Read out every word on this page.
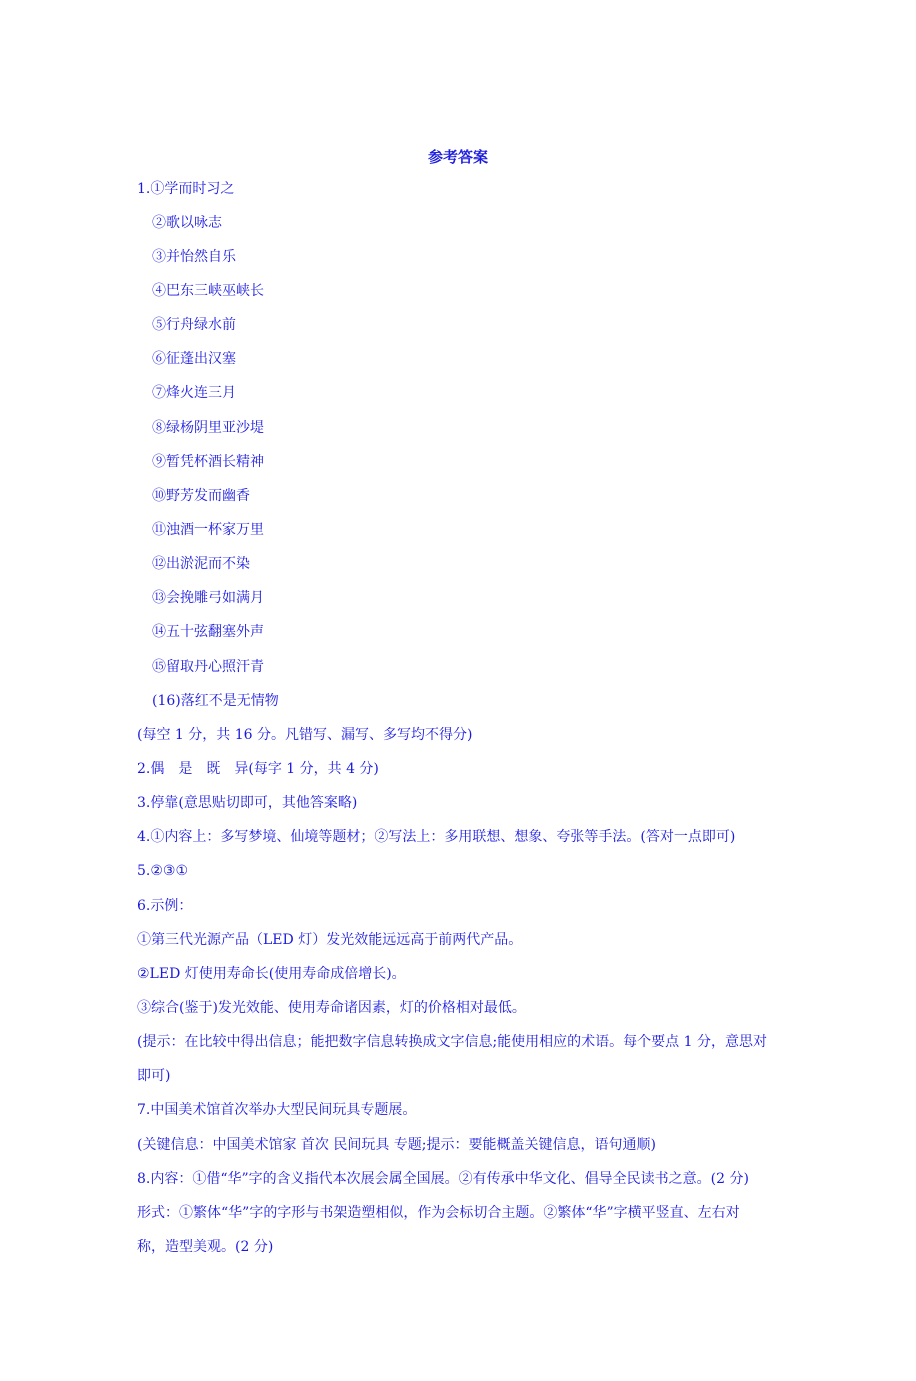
参考答案
1.①学而时习之
②歌以咏志
③并怡然自乐
④巴东三峡巫峡长
⑤行舟绿水前
⑥征蓬出汉塞
⑦烽火连三月
⑧绿杨阴里亚沙堤
⑨暂凭杯酒长精神
⑩野芳发而幽香
⑪浊酒一杯家万里
⑫出淤泥而不染
⑬会挽雕弓如满月
⑭五十弦翻塞外声
⑮留取丹心照汗青
(16)落红不是无情物
(每空 1 分，共 16 分。凡错写、漏写、多写均不得分)
2.偶　是　既　异(每字 1 分，共 4 分)
3.停靠(意思贴切即可，其他答案略)
4.①内容上：多写梦境、仙境等题材；②写法上：多用联想、想象、夸张等手法。(答对一点即可)
5.②③①
6.示例：
①第三代光源产品（LED 灯）发光效能远远高于前两代产品。
②LED 灯使用寿命长(使用寿命成倍增长)。
③综合(鉴于)发光效能、使用寿命诸因素，灯的价格相对最低。
(提示：在比较中得出信息；能把数字信息转换成文字信息;能使用相应的术语。每个要点 1 分，意思对
即可)
7.中国美术馆首次举办大型民间玩具专题展。
(关键信息：中国美术馆家 首次 民间玩具 专题;提示：要能概盖关键信息，语句通顺)
8.内容：①借“华”字的含义指代本次展会属全国展。②有传承中华文化、倡导全民读书之意。(2 分)
形式：①繁体“华”字的字形与书架造塑相似，作为会标切合主题。②繁体“华”字横平竖直、左右对
称，造型美观。(2 分)
